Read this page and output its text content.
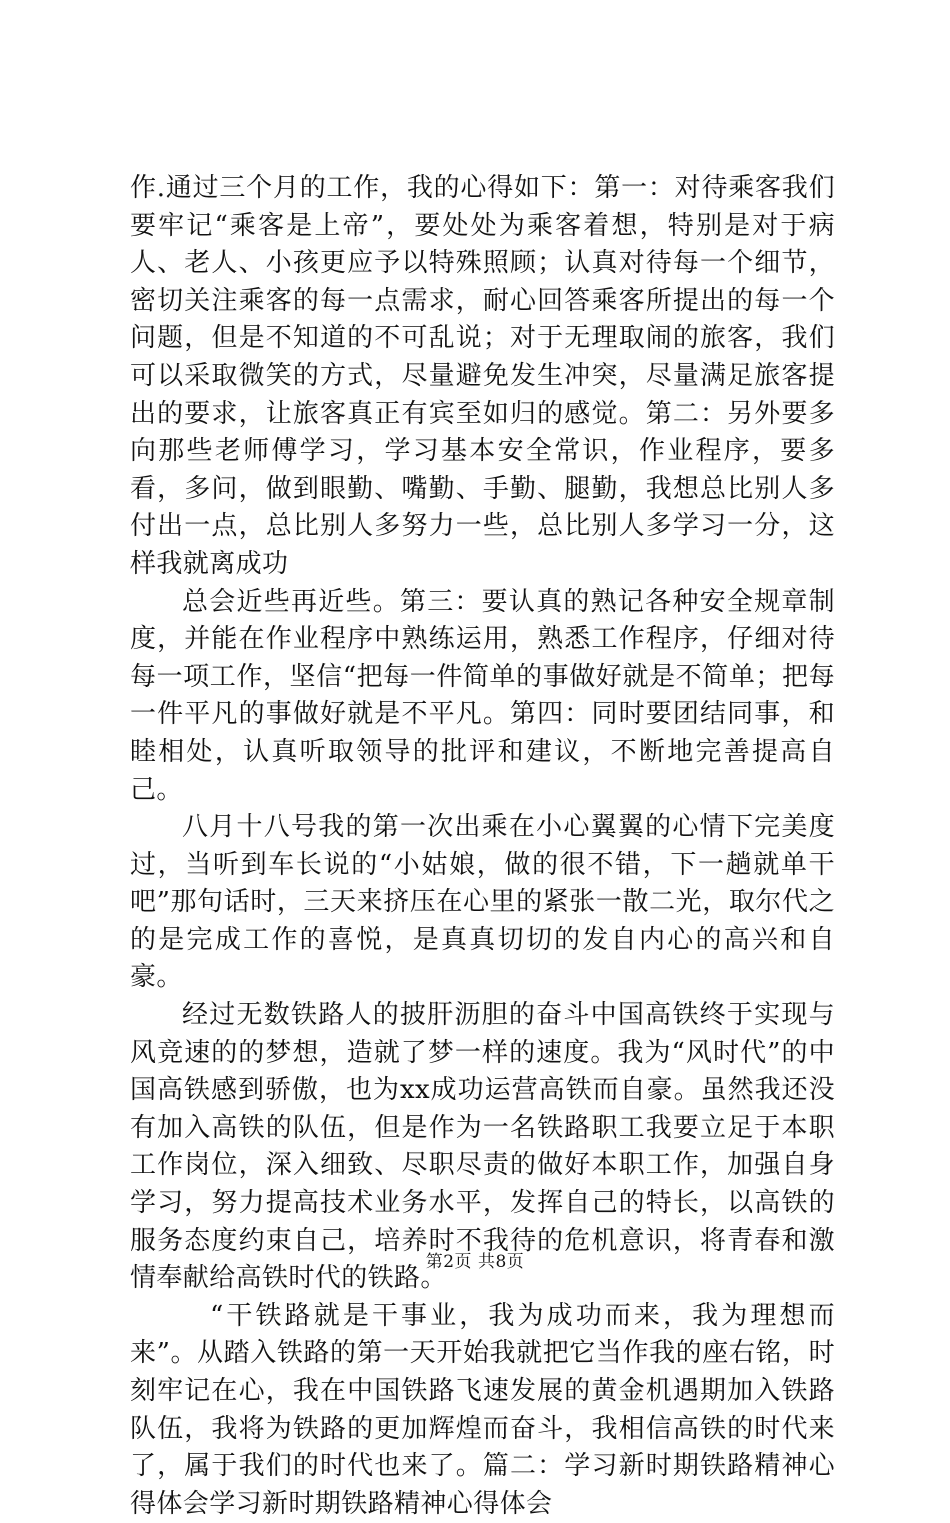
作.通过三个月的工作，我的心得如下：第一：对待乘客我们要牢记“乘客是上帝”，要处处为乘客着想，特别是对于病人、老人、小孩更应予以特殊照顾；认真对待每一个细节，密切关注乘客的每一点需求，耐心回答乘客所提出的每一个问题，但是不知道的不可乱说；对于无理取闹的旅客，我们可以采取微笑的方式，尽量避免发生冲突，尽量满足旅客提出的要求，让旅客真正有宾至如归的感觉。第二：另外要多向那些老师傅学习，学习基本安全常识，作业程序，要多看，多问，做到眼勤、嘴勤、手勤、腿勤，我想总比别人多付出一点，总比别人多努力一些，总比别人多学习一分，这样我就离成功

总会近些再近些。第三：要认真的熟记各种安全规章制度，并能在作业程序中熟练运用，熟悉工作程序，仔细对待每一项工作，坚信“把每一件简单的事做好就是不简单；把每一件平凡的事做好就是不平凡。第四：同时要团结同事，和睦相处，认真听取领导的批评和建议，不断地完善提高自己。

八月十八号我的第一次出乘在小心翼翼的心情下完美度过，当听到车长说的“小姑娘，做的很不错，下一趟就单干吧”那句话时，三天来挤压在心里的紧张一散二光，取尔代之的是完成工作的喜悦，是真真切切的发自内心的高兴和自豪。

经过无数铁路人的披肝沥胆的奋斗中国高铁终于实现与风竞速的的梦想，造就了梦一样的速度。我为“风时代”的中国高铁感到骄傲，也为xx成功运营高铁而自豪。虽然我还没有加入高铁的队伍，但是作为一名铁路职工我要立足于本职工作岗位，深入细致、尽职尽责的做好本职工作，加强自身学习，努力提高技术业务水平，发挥自己的特长，以高铁的服务态度约束自己，培养时不我待的危机意识，将青春和激情奉献给高铁时代的铁路。

“干铁路就是干事业，我为成功而来，我为理想而来”。从踏入铁路的第一天开始我就把它当作我的座右铭，时刻牢记在心，我在中国铁路飞速发展的黄金机遇期加入铁路队伍，我将为铁路的更加辉煌而奋斗，我相信高铁的时代来了，属于我们的时代也来了。篇二：学习新时期铁路精神心得体会学习新时期铁路精神心得体会

第2页 共8页
